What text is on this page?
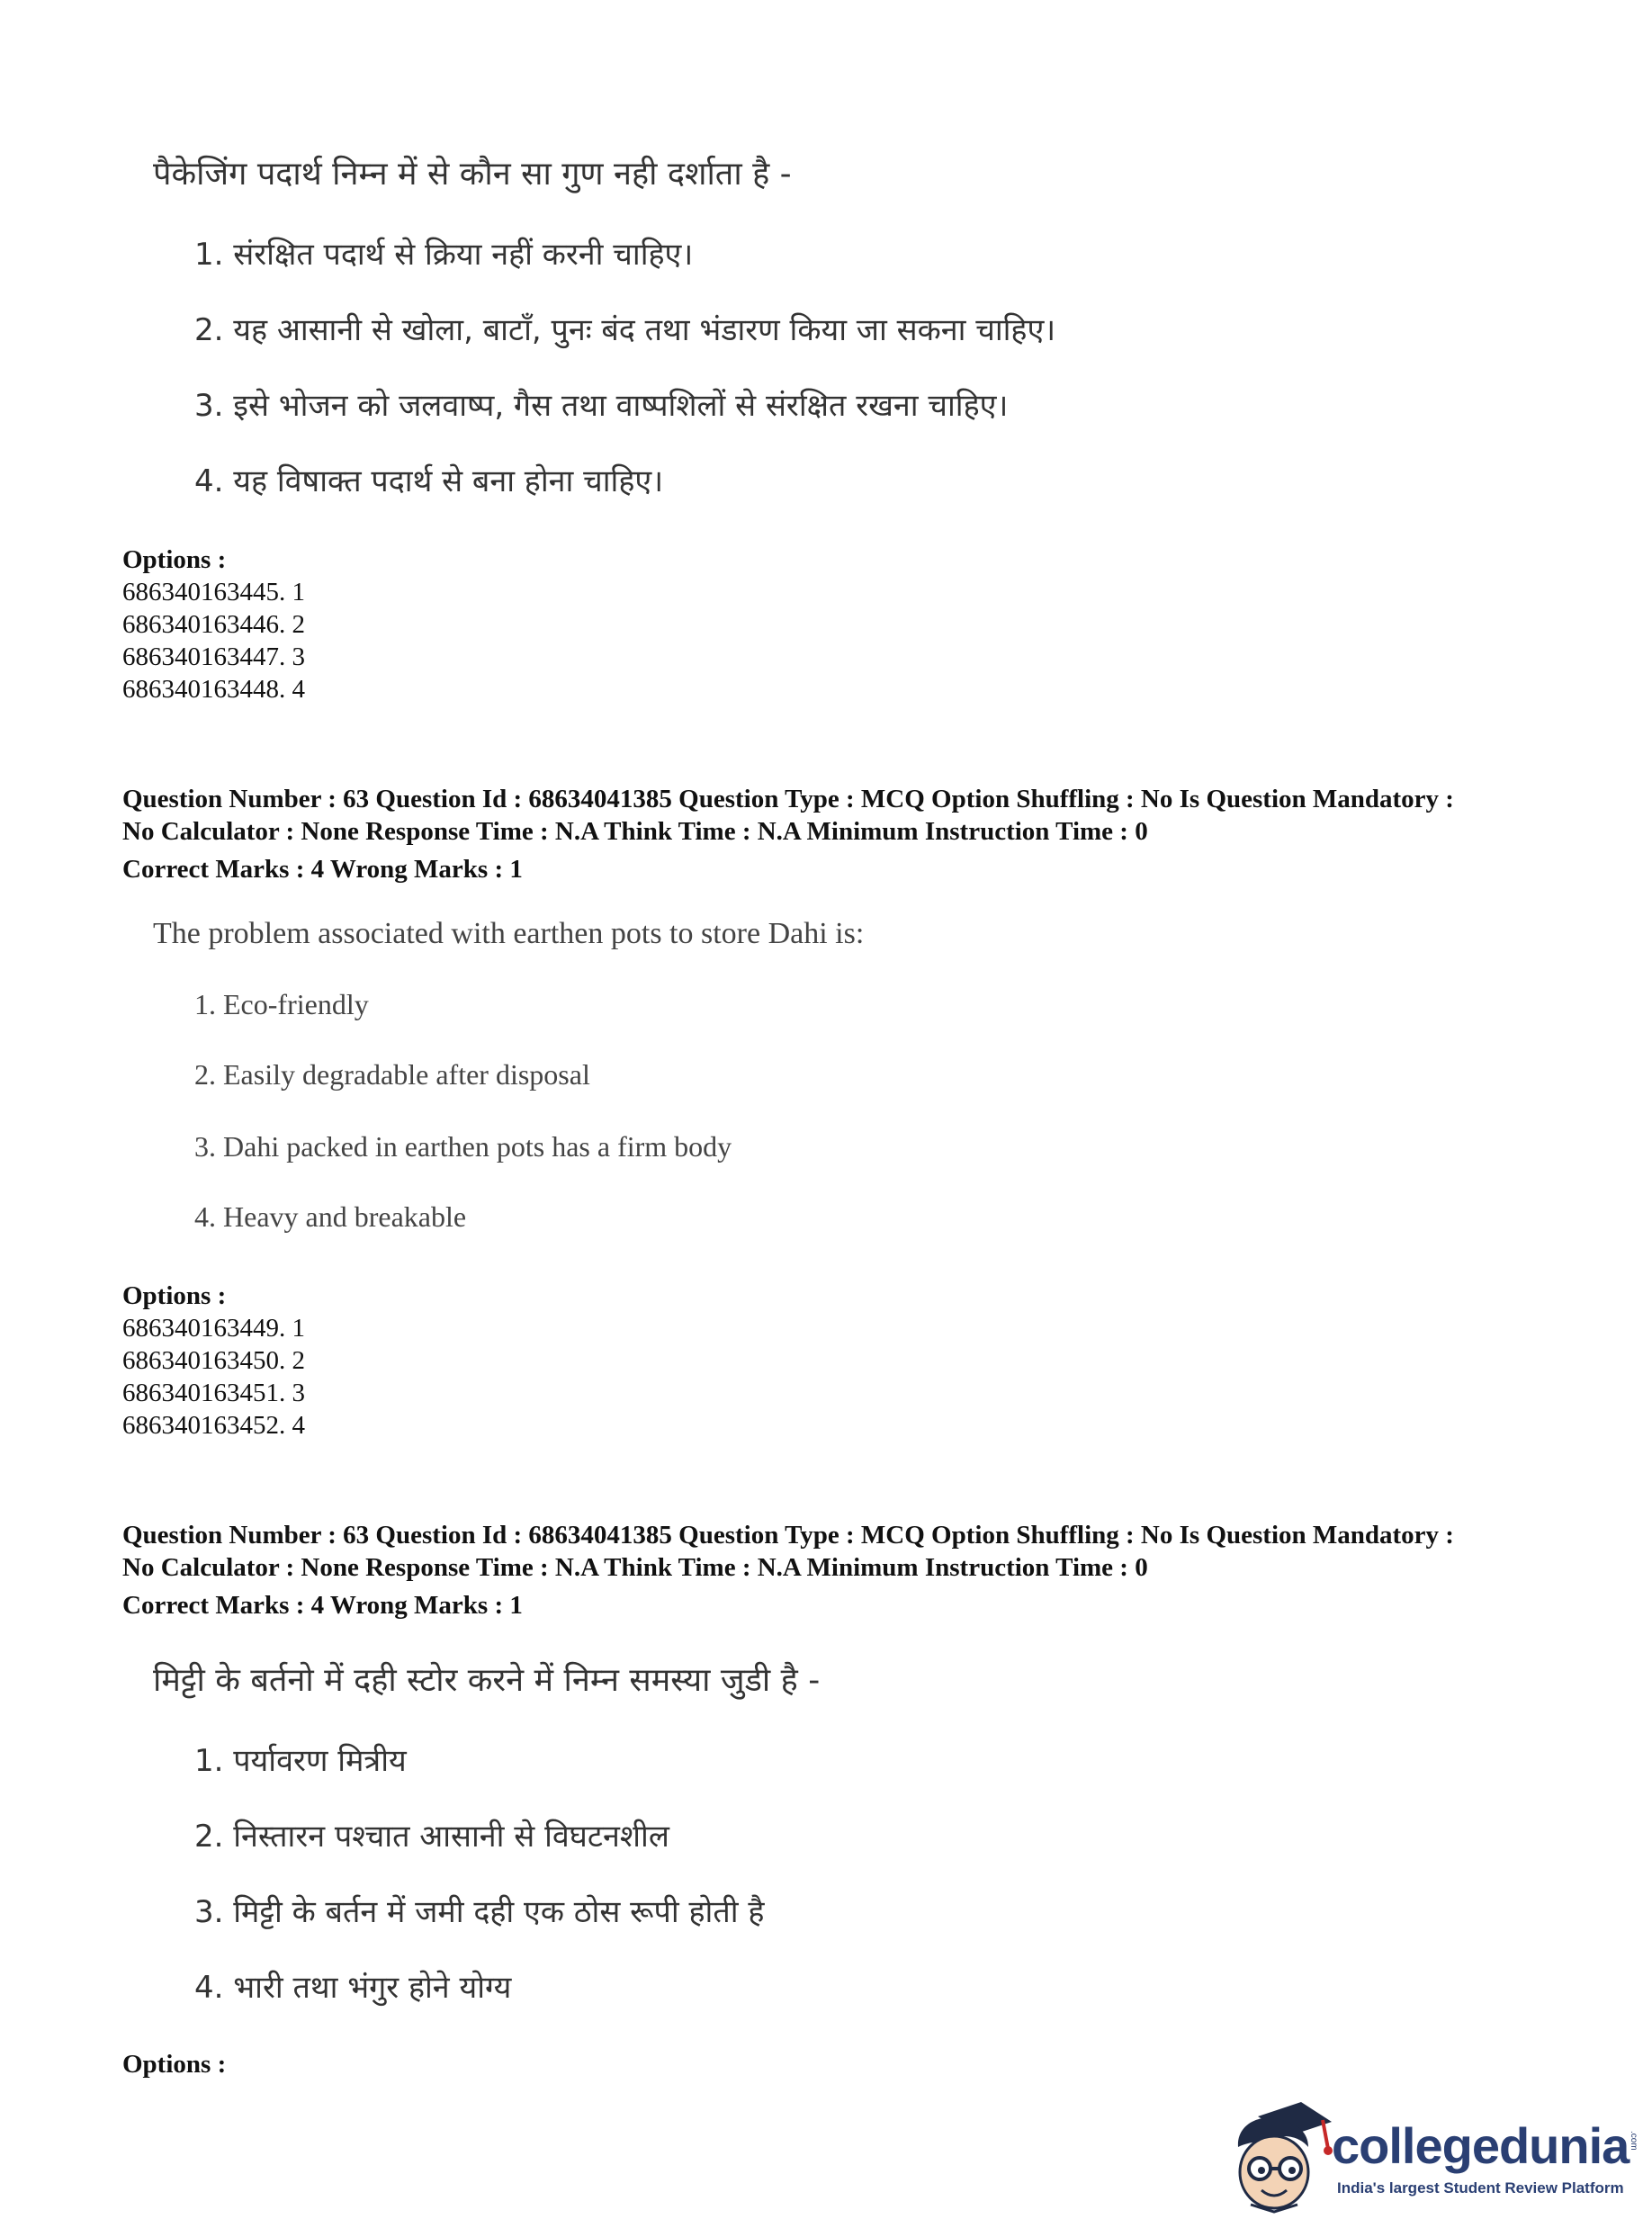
पैकेजिंग पदार्थ निम्न में से कौन सा गुण नही दर्शाता है -
1. संरक्षित पदार्थ से क्रिया नहीं करनी चाहिए।
2. यह आसानी से खोला, बाटाँ, पुनः बंद तथा भंडारण किया जा सकना चाहिए।
3. इसे भोजन को जलवाष्प, गैस तथा वाष्पशिलों से संरक्षित रखना चाहिए।
4. यह विषाक्त पदार्थ से बना होना चाहिए।
Options :
686340163445. 1
686340163446. 2
686340163447. 3
686340163448. 4
Question Number : 63 Question Id : 68634041385 Question Type : MCQ Option Shuffling : No Is Question Mandatory :
No Calculator : None Response Time : N.A Think Time : N.A Minimum Instruction Time : 0
Correct Marks : 4 Wrong Marks : 1
The problem associated with earthen pots to store Dahi is:
1. Eco-friendly
2. Easily degradable after disposal
3. Dahi packed in earthen pots has a firm body
4. Heavy and breakable
Options :
686340163449. 1
686340163450. 2
686340163451. 3
686340163452. 4
Question Number : 63 Question Id : 68634041385 Question Type : MCQ Option Shuffling : No Is Question Mandatory :
No Calculator : None Response Time : N.A Think Time : N.A Minimum Instruction Time : 0
Correct Marks : 4 Wrong Marks : 1
मिट्टी के बर्तनो में दही स्टोर करने में निम्न समस्या जुडी है -
1. पर्यावरण मित्रीय
2. निस्तारन पश्चात आसानी से विघटनशील
3. मिट्टी के बर्तन में जमी दही एक ठोस रूपी होती है
4. भारी तथा भंगुर होने योग्य
Options :
collegedunia .com
India's largest Student Review Platform
